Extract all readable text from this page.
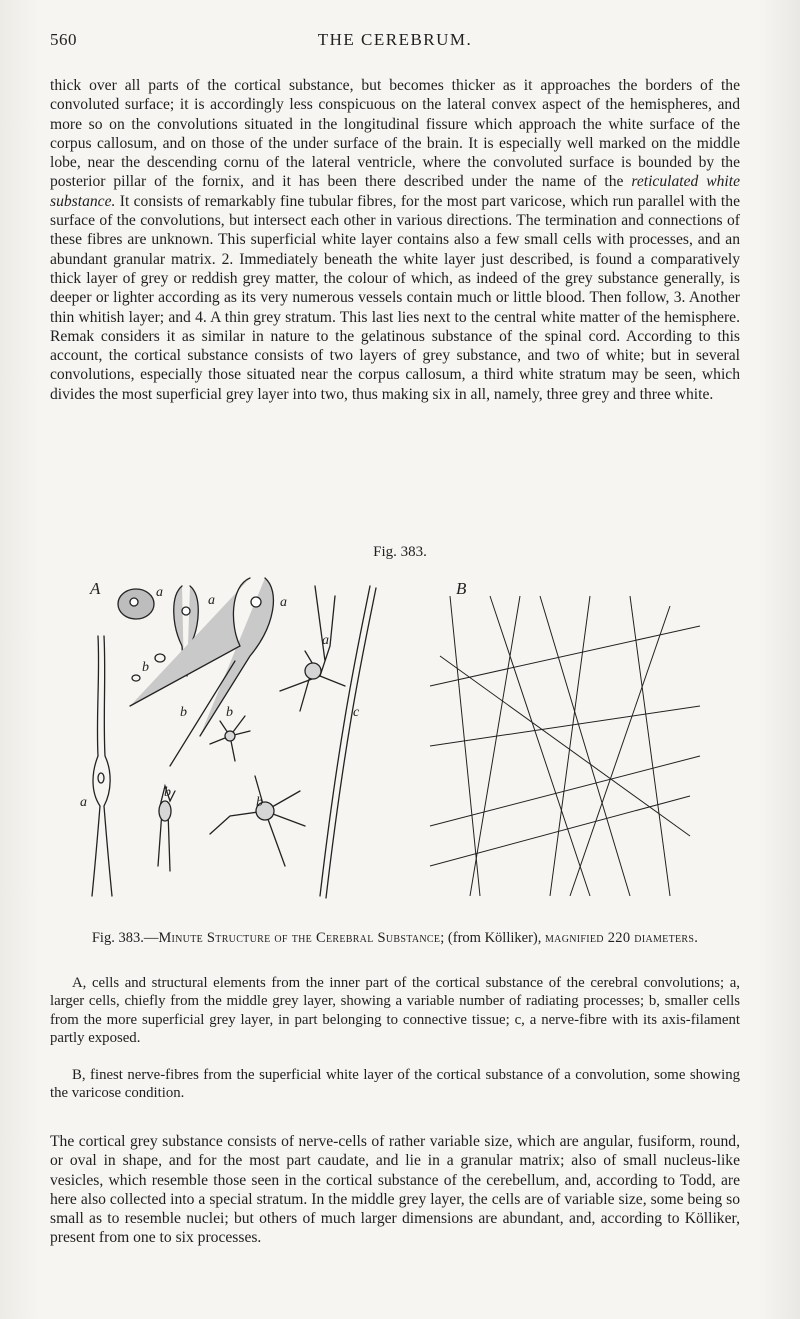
560	THE CEREBRUM.

thick over all parts of the cortical substance, but becomes thicker as it approaches the borders of the convoluted surface; it is accordingly less conspicuous on the lateral convex aspect of the hemispheres, and more so on the convolutions situated in the longitudinal fissure which approach the white surface of the corpus callosum, and on those of the under surface of the brain. It is especially well marked on the middle lobe, near the descending cornu of the lateral ventricle, where the convoluted surface is bounded by the posterior pillar of the fornix, and it has been there described under the name of the reticulated white substance. It consists of remarkably fine tubular fibres, for the most part varicose, which run parallel with the surface of the convolutions, but intersect each other in various directions. The termination and connections of these fibres are unknown. This superficial white layer contains also a few small cells with processes, and an abundant granular matrix. 2. Immediately beneath the white layer just described, is found a comparatively thick layer of grey or reddish grey matter, the colour of which, as indeed of the grey substance generally, is deeper or lighter according as its very numerous vessels contain much or little blood. Then follow, 3. Another thin whitish layer; and 4. A thin grey stratum. This last lies next to the central white matter of the hemisphere. Remak considers it as similar in nature to the gelatinous substance of the spinal cord. According to this account, the cortical substance consists of two layers of grey substance, and two of white; but in several convolutions, especially those situated near the corpus callosum, a third white stratum may be seen, which divides the most superficial grey layer into two, thus making six in all, namely, three grey and three white.

Fig. 383.
A	B
a
a	a
a
a
b
b	b
b
b
c
Fig. 383.—Minute Structure of the Cerebral Substance; (from Kölliker), magnified 220 diameters.

A, cells and structural elements from the inner part of the cortical substance of the cerebral convolutions; a, larger cells, chiefly from the middle grey layer, showing a variable number of radiating processes; b, smaller cells from the more superficial grey layer, in part belonging to connective tissue; c, a nerve-fibre with its axis-filament partly exposed.

B, finest nerve-fibres from the superficial white layer of the cortical substance of a convolution, some showing the varicose condition.

The cortical grey substance consists of nerve-cells of rather variable size, which are angular, fusiform, round, or oval in shape, and for the most part caudate, and lie in a granular matrix; also of small nucleus-like vesicles, which resemble those seen in the cortical substance of the cerebellum, and, according to Todd, are here also collected into a special stratum. In the middle grey layer, the cells are of variable size, some being so small as to resemble nuclei; but others of much larger dimensions are abundant, and, according to Kölliker, present from one to six processes.
